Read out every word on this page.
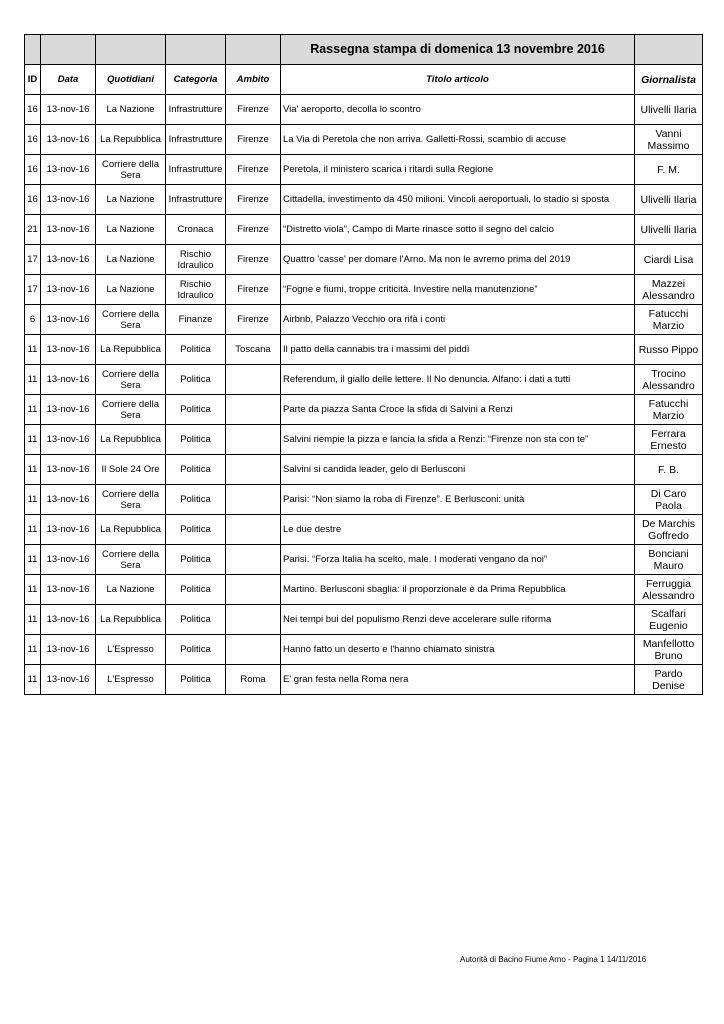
					Rassegna stampa di domenica 13 novembre 2016	
ID	Data	Quotidiani	Categoria	Ambito	Titolo articolo	Giornalista
16	13-nov-16	La Nazione	Infrastrutture	Firenze	Via' aeroporto, decolla lo scontro	Ulivelli Ilaria
16	13-nov-16	La Repubblica	Infrastrutture	Firenze	La Via di Peretola che non arriva. Galletti-Rossi, scambio di accuse	Vanni Massimo
16	13-nov-16	Corriere della Sera	Infrastrutture	Firenze	Peretola, il ministero scarica i ritardi sulla Regione	F. M.
16	13-nov-16	La Nazione	Infrastrutture	Firenze	Cittadella, investimento da 450 milioni. Vincoli aeroportuali, lo stadio si sposta	Ulivelli Ilaria
21	13-nov-16	La Nazione	Cronaca	Firenze	“Distretto viola”, Campo di Marte rinasce sotto il segno del calcio	Ulivelli Ilaria
17	13-nov-16	La Nazione	Rischio Idraulico	Firenze	Quattro 'casse' per domare l'Arno. Ma non le avremo prima del 2019	Ciardi Lisa
17	13-nov-16	La Nazione	Rischio Idraulico	Firenze	“Fogne e fiumi, troppe criticità. Investire nella manutenzione”	Mazzei Alessandro
6	13-nov-16	Corriere della Sera	Finanze	Firenze	Airbnb, Palazzo Vecchio ora rifà i conti	Fatucchi Marzio
11	13-nov-16	La Repubblica	Politica	Toscana	Il patto della cannabis tra i massimi del piddì	Russo Pippo
11	13-nov-16	Corriere della Sera	Politica		Referendum, il giallo delle lettere. Il No denuncia. Alfano: i dati a tutti	Trocino Alessandro
11	13-nov-16	Corriere della Sera	Politica		Parte da piazza Santa Croce la sfida di Salvini a Renzi	Fatucchi Marzio
11	13-nov-16	La Repubblica	Politica		Salvini riempie la pizza e lancia la sfida a Renzi: “Firenze non sta con te”	Ferrara Ernesto
11	13-nov-16	Il Sole 24 Ore	Politica		Salvini si candida leader, gelo di Berlusconi	F. B.
11	13-nov-16	Corriere della Sera	Politica		Parisi: “Non siamo la roba di Firenze”. E Berlusconi: unità	Di Caro Paola
11	13-nov-16	La Repubblica	Politica		Le due destre	De Marchis Goffredo
11	13-nov-16	Corriere della Sera	Politica		Parisi. “Forza Italia ha scelto, male. I moderati vengano da noi”	Bonciani Mauro
11	13-nov-16	La Nazione	Politica		Martino. Berlusconi sbaglia: il proporzionale è da Prima Repubblica	Ferruggia Alessandro
11	13-nov-16	La Repubblica	Politica		Nei tempi bui del populismo Renzi deve accelerare sulle riforma	Scalfari Eugenio
11	13-nov-16	L'Espresso	Politica		Hanno fatto un deserto e l'hanno chiamato sinistra	Manfellotto Bruno
11	13-nov-16	L'Espresso	Politica	Roma	E' gran festa nella Roma nera	Pardo Denise
Autorità di Bacino Fiume Arno - Pagina 1 14/11/2016
